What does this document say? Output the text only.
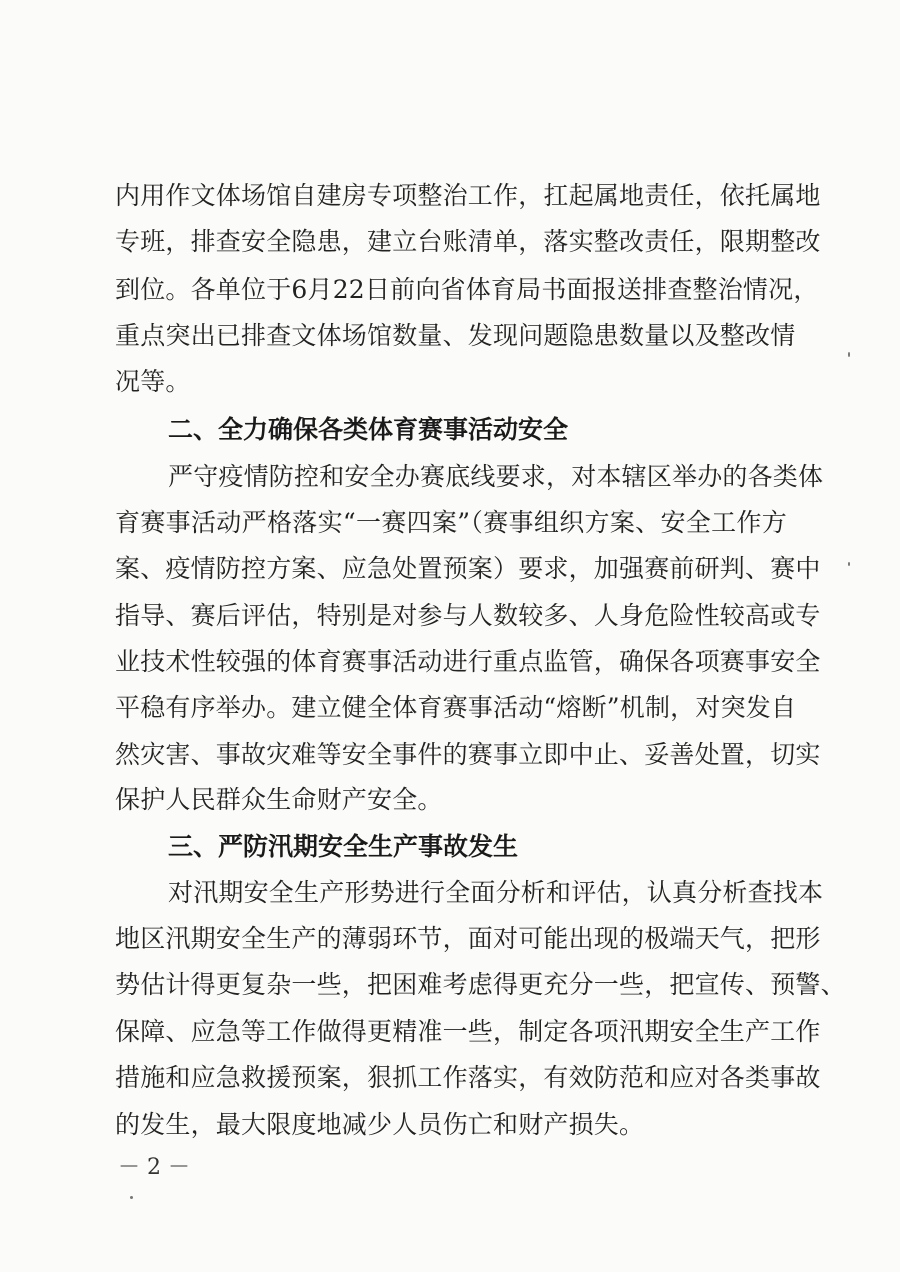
内用作文体场馆自建房专项整治工作，扛起属地责任，依托属地
专班，排查安全隐患，建立台账清单，落实整改责任，限期整改
到位。各单位于6月22日前向省体育局书面报送排查整治情况，
重点突出已排查文体场馆数量、发现问题隐患数量以及整改情
况等。
二、全力确保各类体育赛事活动安全
严守疫情防控和安全办赛底线要求，对本辖区举办的各类体
育赛事活动严格落实“一赛四案”（赛事组织方案、安全工作方
案、疫情防控方案、应急处置预案）要求，加强赛前研判、赛中
指导、赛后评估，特别是对参与人数较多、人身危险性较高或专
业技术性较强的体育赛事活动进行重点监管，确保各项赛事安全
平稳有序举办。建立健全体育赛事活动“熔断”机制，对突发自
然灾害、事故灾难等安全事件的赛事立即中止、妥善处置，切实
保护人民群众生命财产安全。
三、严防汛期安全生产事故发生
对汛期安全生产形势进行全面分析和评估，认真分析查找本
地区汛期安全生产的薄弱环节，面对可能出现的极端天气，把形
势估计得更复杂一些，把困难考虑得更充分一些，把宣传、预警、
保障、应急等工作做得更精准一些，制定各项汛期安全生产工作
措施和应急救援预案，狠抓工作落实，有效防范和应对各类事故
的发生，最大限度地减少人员伤亡和财产损失。
－ 2 －
